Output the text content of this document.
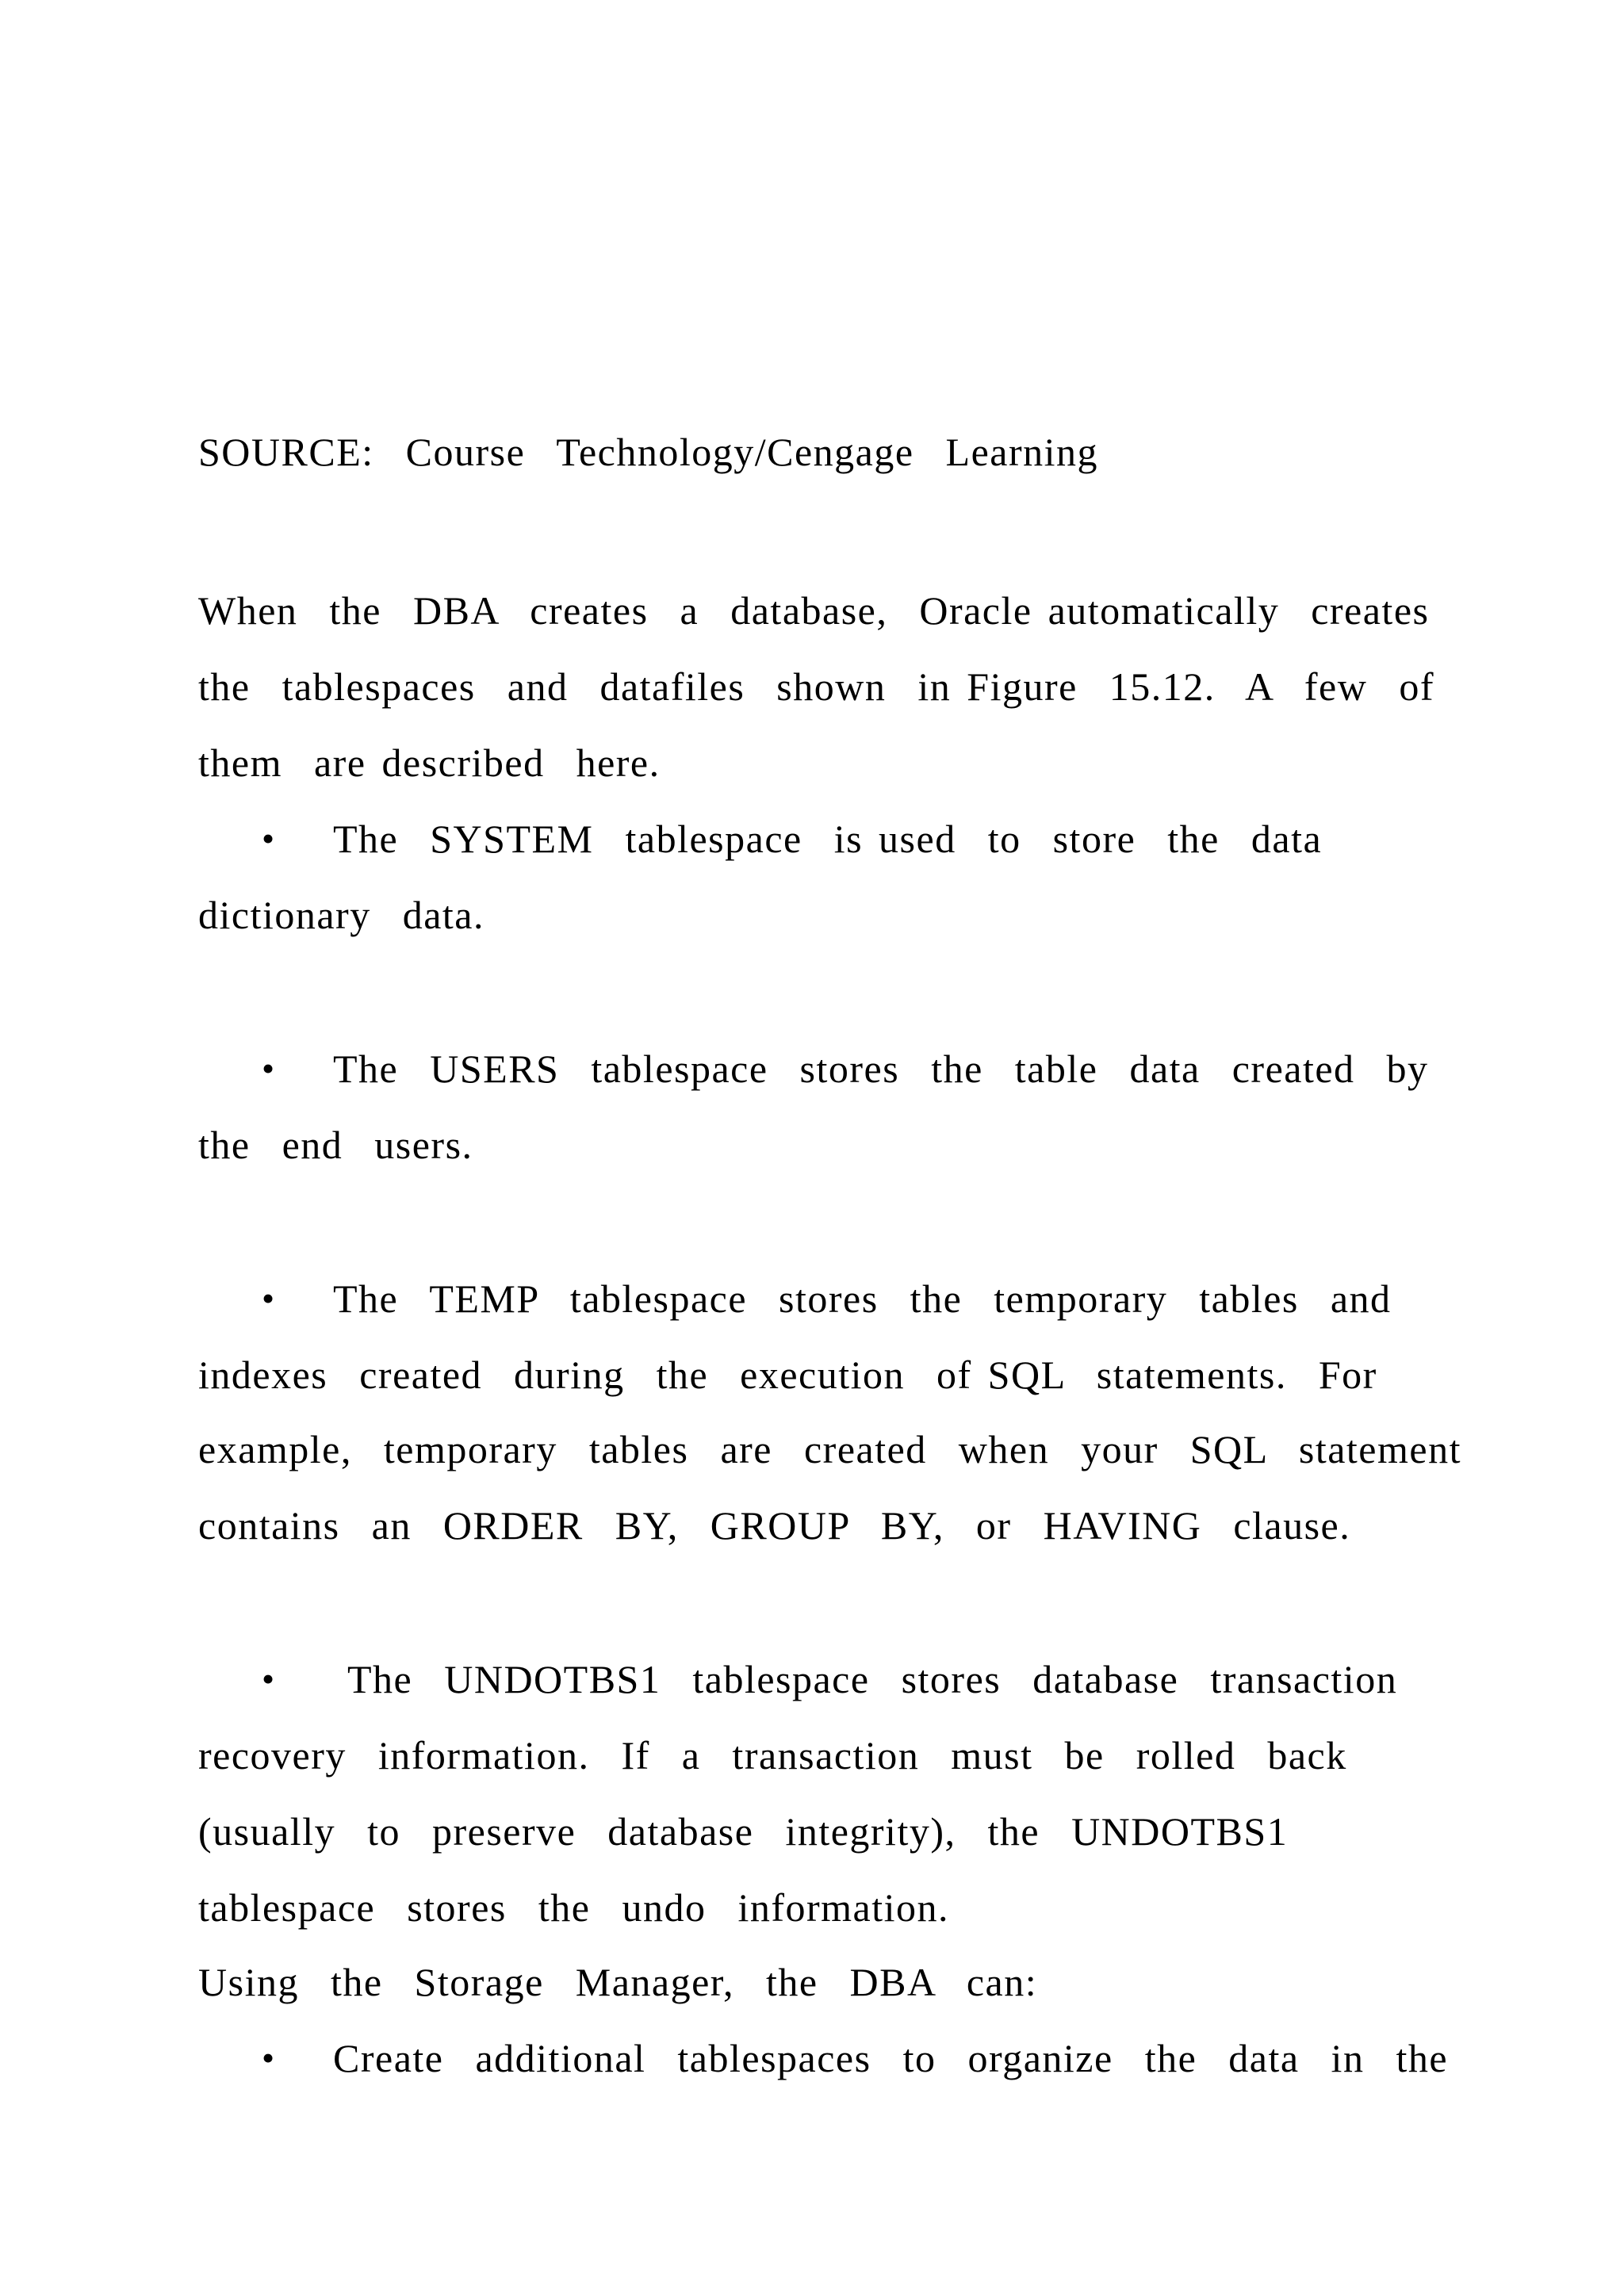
SOURCE:  Course  Technology/Cengage  Learning
When  the  DBA  creates  a  database,  Oracle automatically  creates
the  tablespaces  and  datafiles  shown  in Figure  15.12.  A  few  of
them  are described  here.
• The  SYSTEM  tablespace  is used  to  store  the  data
dictionary  data.
• The  USERS  tablespace  stores  the  table  data  created  by
the  end  users.
• The  TEMP  tablespace  stores  the  temporary  tables  and
indexes  created  during  the  execution  of SQL  statements.  For
example,  temporary  tables  are  created  when  your  SQL  statement
contains  an  ORDER  BY,  GROUP  BY,  or  HAVING  clause.
• The  UNDOTBS1  tablespace  stores  database  transaction
recovery  information.  If  a  transaction  must  be  rolled  back
(usually  to  preserve  database  integrity),  the  UNDOTBS1
tablespace  stores  the  undo  information.
Using  the  Storage  Manager,  the  DBA  can:
• Create  additional  tablespaces  to  organize  the  data  in  the
